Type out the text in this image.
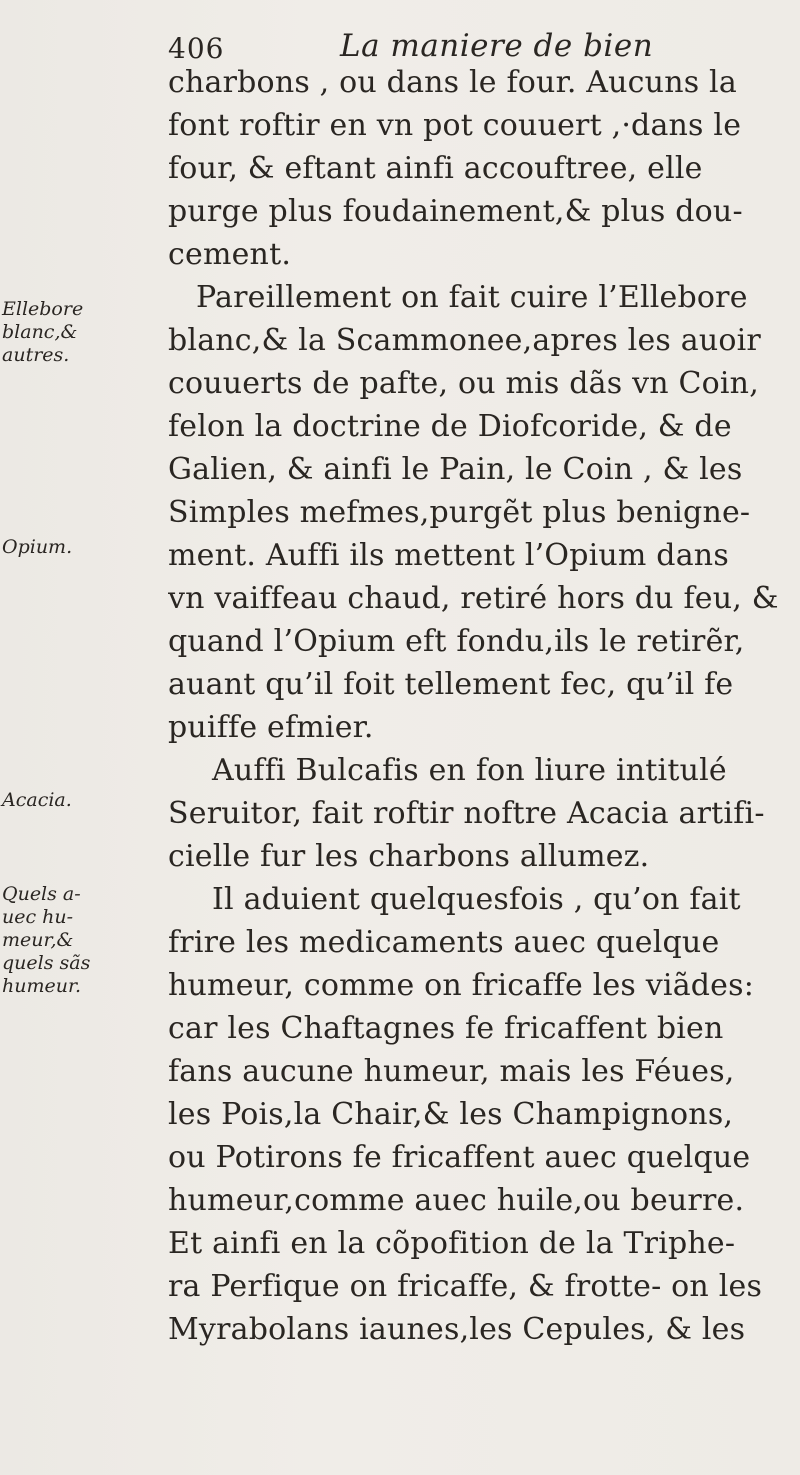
406	La maniere de bien
Ellebore
blanc,&
autres.
Opium.
Acacia.
Quels a-
uec hu-
meur,&
quels sãs
humeur.
charbons , ou dans le four. Aucuns la
font roftir en vn pot couuert ,·dans le
four, & eftant ainfi accouftree, elle
purge plus foudainement,& plus dou-
cement.
Pareillement on fait cuire l’Ellebore
blanc,& la Scammonee,apres les auoir
couuerts de pafte, ou mis dãs vn Coin,
felon la doctrine de Diofcoride, & de
Galien, & ainfi le Pain, le Coin , & les
Simples mefmes,purgẽt plus benigne-
ment. Auffi ils mettent l’Opium dans
vn vaiffeau chaud, retiré hors du feu, &
quand l’Opium eft fondu,ils le retirẽr,
auant qu’il foit tellement fec, qu’il fe
puiffe efmier.
Auffi Bulcafis en fon liure intitulé
Seruitor, fait roftir noftre Acacia artifi-
cielle fur les charbons allumez.
Il aduient quelquesfois , qu’on fait
frire les medicaments auec quelque
humeur, comme on fricaffe les viãdes:
car les Chaftagnes fe fricaffent bien
fans aucune humeur, mais les Féues,
les Pois,la Chair,& les Champignons,
ou Potirons fe fricaffent auec quelque
humeur,comme auec huile,ou beurre.
Et ainfi en la cõpofition de la Triphe-
ra Perfique on fricaffe, & frotte- on les
Myrabolans iaunes,les Cepules, & les
